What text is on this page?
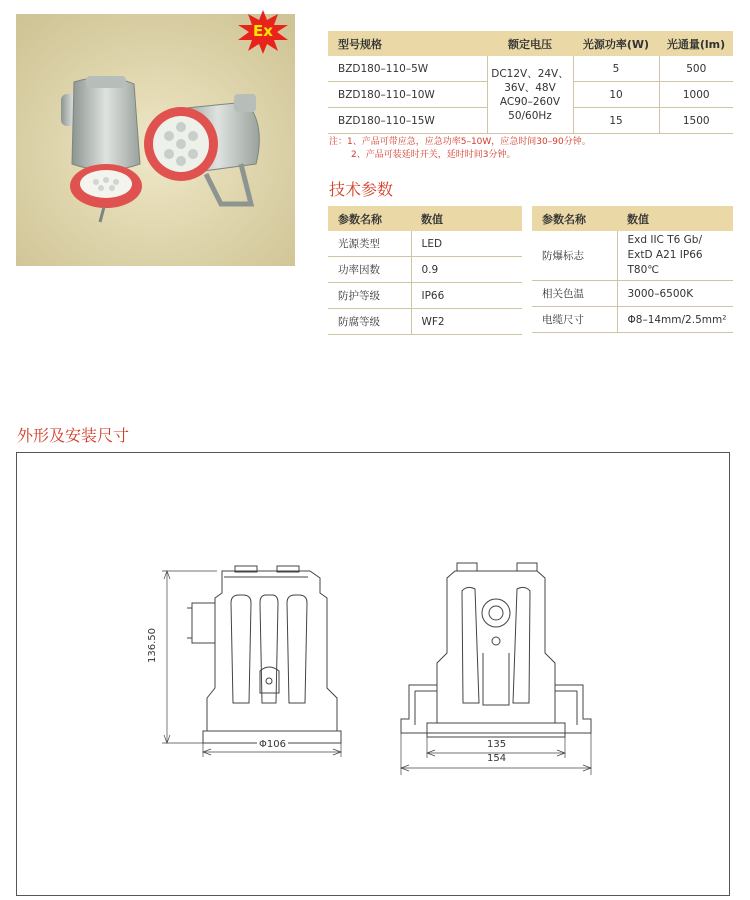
Ex
型号规格	额定电压	光源功率(W)	光通量(lm)
BZD180–110–5W	DC12V、24V、
36V、48V
AC90–260V
50/60Hz	5	500
BZD180–110–10W		10	1000
BZD180–110–15W		15	1500
注：1、产品可带应急，应急功率5–10W，应急时间30–90分钟。
2、产品可装延时开关，延时时间3分钟。
技术参数
参数名称	数值
光源类型	LED
功率因数	0.9
防护等级	IP66
防腐等级	WF2
参数名称	数值
防爆标志	Exd IIC T6 Gb/
ExtD A21 IP66 T80℃

相关色温	3000–6500K
电缆尺寸	Φ8–14mm/2.5mm²
外形及安装尺寸
136.50
Φ106	135
154
